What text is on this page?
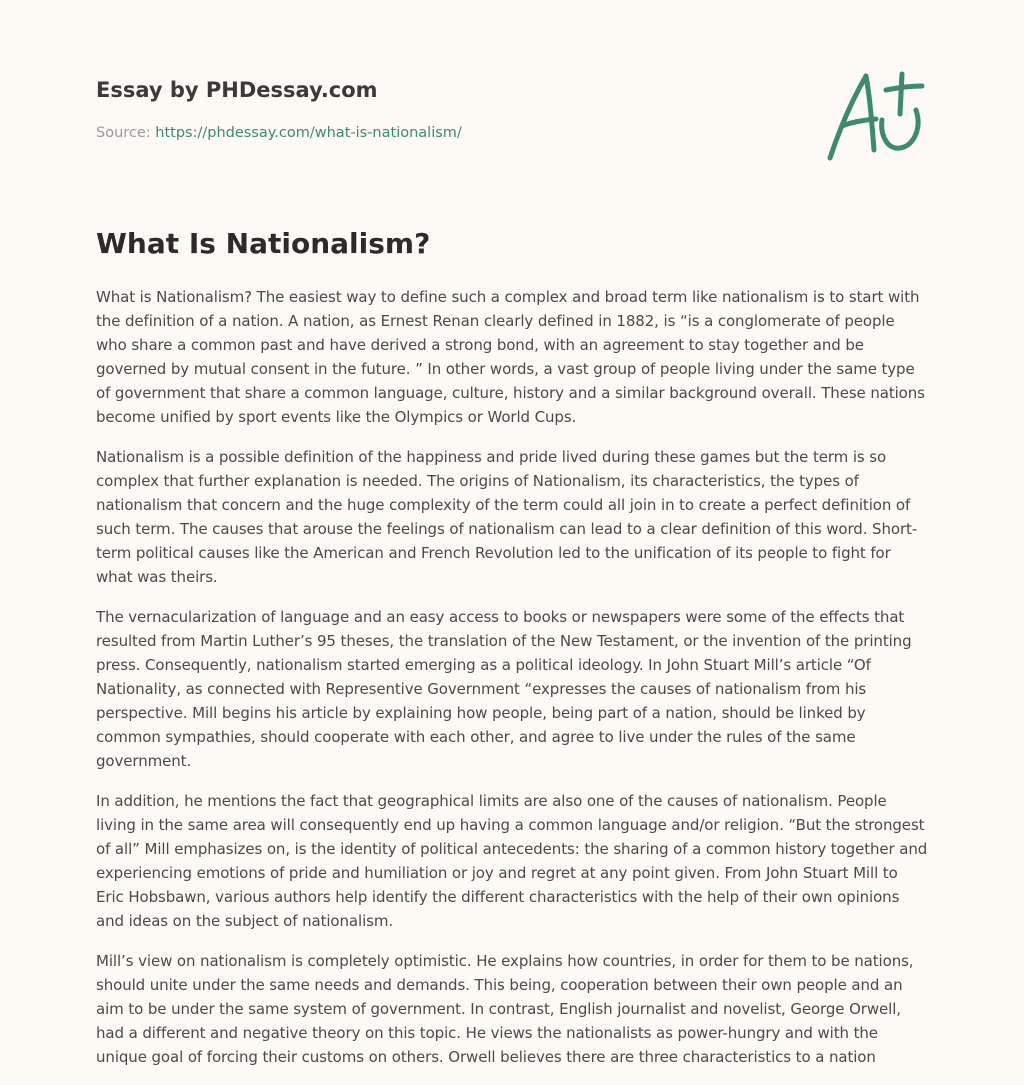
Essay by PHDessay.com
Source: https://phdessay.com/what-is-nationalism/
What Is Nationalism?

What is Nationalism? The easiest way to define such a complex and broad term like nationalism is to start with the definition of a nation. A nation, as Ernest Renan clearly defined in 1882, is “is a conglomerate of people who share a common past and have derived a strong bond, with an agreement to stay together and be governed by mutual consent in the future. ” In other words, a vast group of people living under the same type of government that share a common language, culture, history and a similar background overall. These nations become unified by sport events like the Olympics or World Cups.

Nationalism is a possible definition of the happiness and pride lived during these games but the term is so complex that further explanation is needed. The origins of Nationalism, its characteristics, the types of nationalism that concern and the huge complexity of the term could all join in to create a perfect definition of such term. The causes that arouse the feelings of nationalism can lead to a clear definition of this word. Short-term political causes like the American and French Revolution led to the unification of its people to fight for what was theirs.

The vernacularization of language and an easy access to books or newspapers were some of the effects that resulted from Martin Luther’s 95 theses, the translation of the New Testament, or the invention of the printing press. Consequently, nationalism started emerging as a political ideology. In John Stuart Mill’s article “Of Nationality, as connected with Representive Government “expresses the causes of nationalism from his perspective. Mill begins his article by explaining how people, being part of a nation, should be linked by common sympathies, should cooperate with each other, and agree to live under the rules of the same government.

In addition, he mentions the fact that geographical limits are also one of the causes of nationalism. People living in the same area will consequently end up having a common language and/or religion. “But the strongest of all” Mill emphasizes on, is the identity of political antecedents: the sharing of a common history together and experiencing emotions of pride and humiliation or joy and regret at any point given. From John Stuart Mill to Eric Hobsbawn, various authors help identify the different characteristics with the help of their own opinions and ideas on the subject of nationalism.

Mill’s view on nationalism is completely optimistic. He explains how countries, in order for them to be nations, should unite under the same needs and demands. This being, cooperation between their own people and an aim to be under the same system of government. In contrast, English journalist and novelist, George Orwell, had a different and negative theory on this topic. He views the nationalists as power-hungry and with the unique goal of forcing their customs on others. Orwell believes there are three characteristics to a nation
